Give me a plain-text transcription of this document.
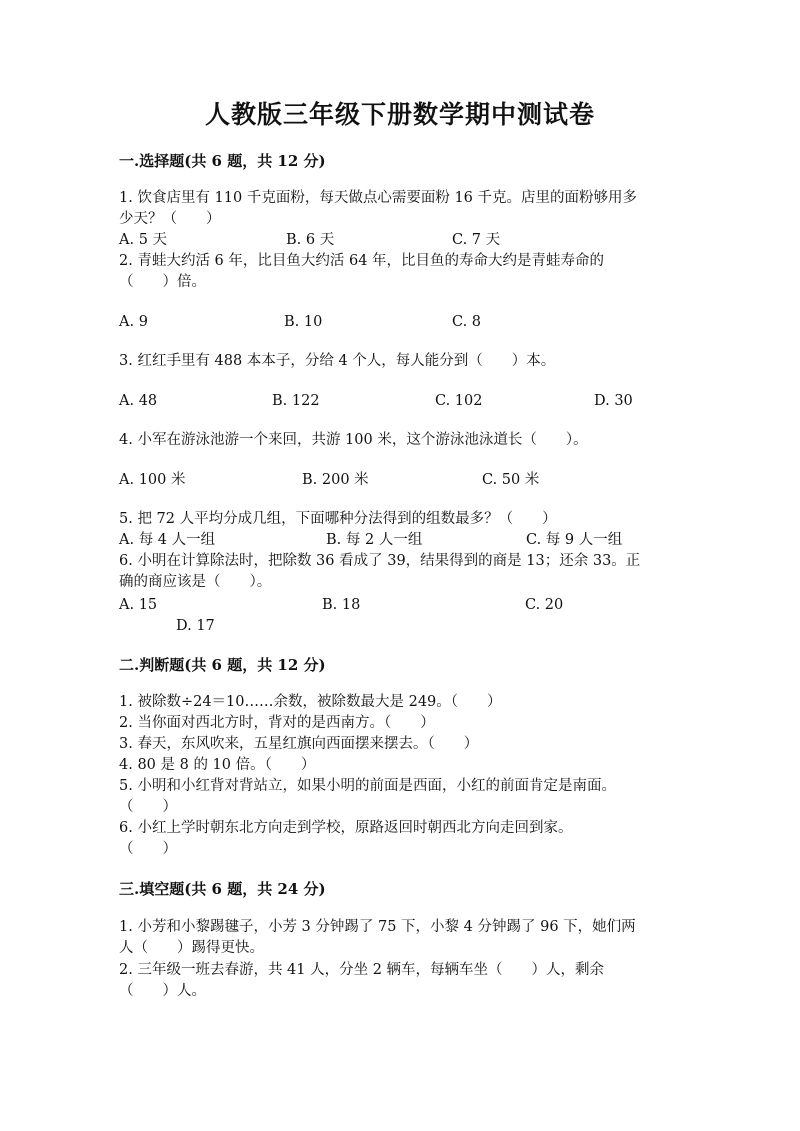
人教版三年级下册数学期中测试卷
一.选择题(共 6 题，共 12 分)
1. 饮食店里有 110 千克面粉，每天做点心需要面粉 16 千克。店里的面粉够用多
少天？（　　）
A. 5 天	B. 6 天	C. 7 天
2. 青蛙大约活 6 年，比目鱼大约活 64 年，比目鱼的寿命大约是青蛙寿命的
（　　）倍。
A. 9	B. 10	C. 8
3. 红红手里有 488 本本子，分给 4 个人，每人能分到（　　）本。
A. 48	B. 122	C. 102	D. 30
4. 小军在游泳池游一个来回，共游 100 米，这个游泳池泳道长（　　）。
A. 100 米	B. 200 米	C. 50 米
5. 把 72 人平均分成几组，下面哪种分法得到的组数最多？（　　）
A. 每 4 人一组	B. 每 2 人一组	C. 每 9 人一组
6. 小明在计算除法时，把除数 36 看成了 39，结果得到的商是 13；还余 33。正
确的商应该是（　　）。
A. 15	B. 18	C. 20
D. 17
二.判断题(共 6 题，共 12 分)
1. 被除数÷24＝10……余数，被除数最大是 249。（　　）
2. 当你面对西北方时，背对的是西南方。（　　）
3. 春天，东风吹来，五星红旗向西面摆来摆去。（　　）
4. 80 是 8 的 10 倍。（　　）
5. 小明和小红背对背站立，如果小明的前面是西面，小红的前面肯定是南面。
（　　）
6. 小红上学时朝东北方向走到学校，原路返回时朝西北方向走回到家。
（　　）
三.填空题(共 6 题，共 24 分)
1. 小芳和小黎踢毽子，小芳 3 分钟踢了 75 下，小黎 4 分钟踢了 96 下，她们两
人（　　）踢得更快。
2. 三年级一班去春游，共 41 人，分坐 2 辆车，每辆车坐（　　）人，剩余
（　　）人。
